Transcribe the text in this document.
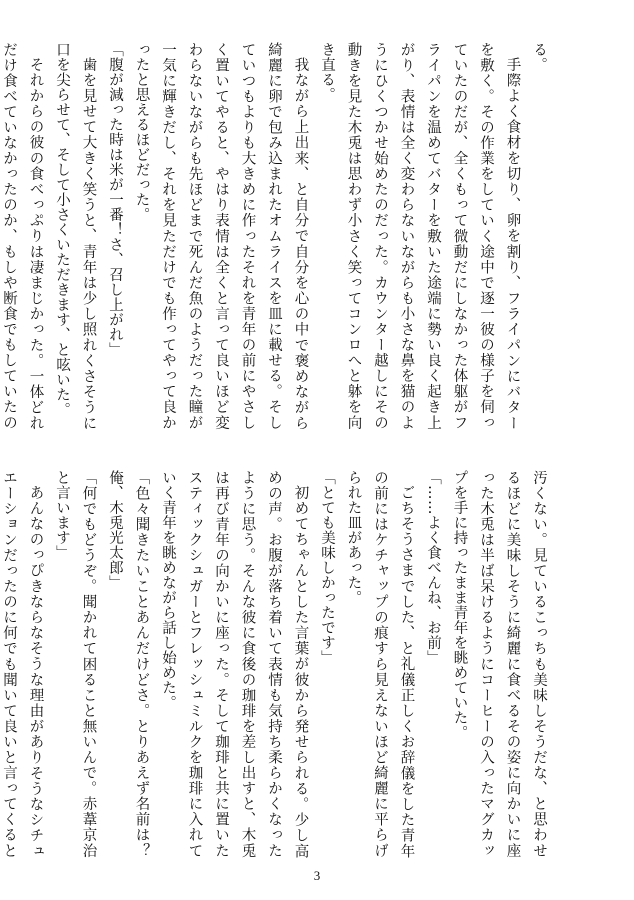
る。

手際よく食材を切り、卵を割り、フライパンにバターを敷く。その作業をしていく途中で逐一彼の様子を伺っていたのだが、全くもって微動だにしなかった体躯がフライパンを温めてバターを敷いた途端に勢い良く起き上がり、表情は全く変わらないながらも小さな鼻を猫のようにひくつかせ始めたのだった。カウンター越しにその動きを見た木兎は思わず小さく笑ってコンロへと躰を向き直る。

我ながら上出来、と自分で自分を心の中で褒めながら綺麗に卵で包み込まれたオムライスを皿に載せる。そしていつもよりも大きめに作ったそれを青年の前にやさしく置いてやると、やはり表情は全くと言って良いほど変わらないながらも先ほどまで死んだ魚のようだった瞳が一気に輝きだし、それを見ただけでも作ってやって良かったと思えるほどだった。

「腹が減った時は米が一番！さ、召し上がれ」

歯を見せて大きく笑うと、青年は少し照れくさそうに口を尖らせて、そして小さくいただきます、と呟いた。

それからの彼の食べっぷりは凄まじかった。一体どれだけ食べていなかったのか、もしや断食でもしていたの

汚くない。見ているこっちも美味しそうだな、と思わせるほどに美味しそうに綺麗に食べるその姿に向かいに座った木兎は半ば呆けるようにコーヒーの入ったマグカップを手に持ったまま青年を眺めていた。

「……よく食べんね、お前」

ごちそうさまでした、と礼儀正しくお辞儀をした青年の前にはケチャップの痕すら見えないほど綺麗に平らげられた皿があった。

「とても美味しかったです」

初めてちゃんとした言葉が彼から発せられる。少し高めの声。お腹が落ち着いて表情も気持ち柔らかくなったように思う。そんな彼に食後の珈琲を差し出すと、木兎は再び青年の向かいに座った。そして珈琲と共に置いたスティックシュガーとフレッシュミルクを珈琲に入れていく青年を眺めながら話し始めた。

「色々聞きたいことあんだけどさ。とりあえず名前は？俺、木兎光太郎」

「何でもどうぞ。聞かれて困ること無いんで。赤葦京治と言います」

あんなのっぴきならなそうな理由がありそうなシチュエーションだったのに何でも聞いて良いと言ってくると

3
